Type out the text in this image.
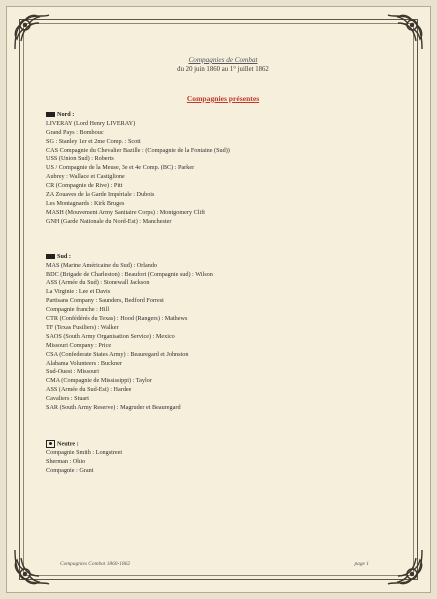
Compagnies de Combat
du 20 juin 1860 au 1° juillet 1862
Compagnies présentes
Nord :
LIVERAY (Lord Henry LIVERAY)
Grand Pays : Bombouc
SG : Stanley 1er et 2me Comp. : Scott
CAS Compagnie du Chevalier Bazille : (Compagnie de la Fontaine (Sud))
USS (Union Sud) : Roberts
US / Compagnie de la Meuse, 3e et 4e Comp. (BC) : Parker
Aubrey : Wallace et Castiglione
CR (Compagnie de Rive) : Pitt
ZA Zouaves de la Garde Impériale : Dubois
Les Montagnards : Kirk Bruges
MASH (Mouvement Army Sanitaire Corps) : Montgomery Clift
GNH (Garde Nationale du Nord-Est) : Manchester
Sud :
MAS (Marine Américaine du Sud) : Orlando
BDC (Brigade de Charleston) : Beaufort (Compagnie sud) : Wilson
ASS (Armée du Sud) : Stonewall Jackson
La Virginie : Lee et Davis
Partisans Company : Saunders, Bedford Forrest
Compagnie franche : Hill
CTR (Confédérés du Texas) : Hood (Rangers) : Mathews
TF (Texas Fusiliers) : Walker
SAOS (South Army Organisation Service) : Mexico
Missouri Company : Price
CSA (Confederate States Army) : Beauregard et Johnston
Alabama Volunteers : Buckner
Sud-Ouest : Missouri
CMA (Compagnie de Mississippi) : Taylor
ASS (Armée du Sud-Est) : Hardee
Cavaliers : Stuart
SAR (South Army Reserve) : Magruder et Beauregard
Neutre :
Compagnie Smith : Longstreet
Sherman : Ohio
Compagnie : Grant
Compagnies Combat 1860-1862	page 1
